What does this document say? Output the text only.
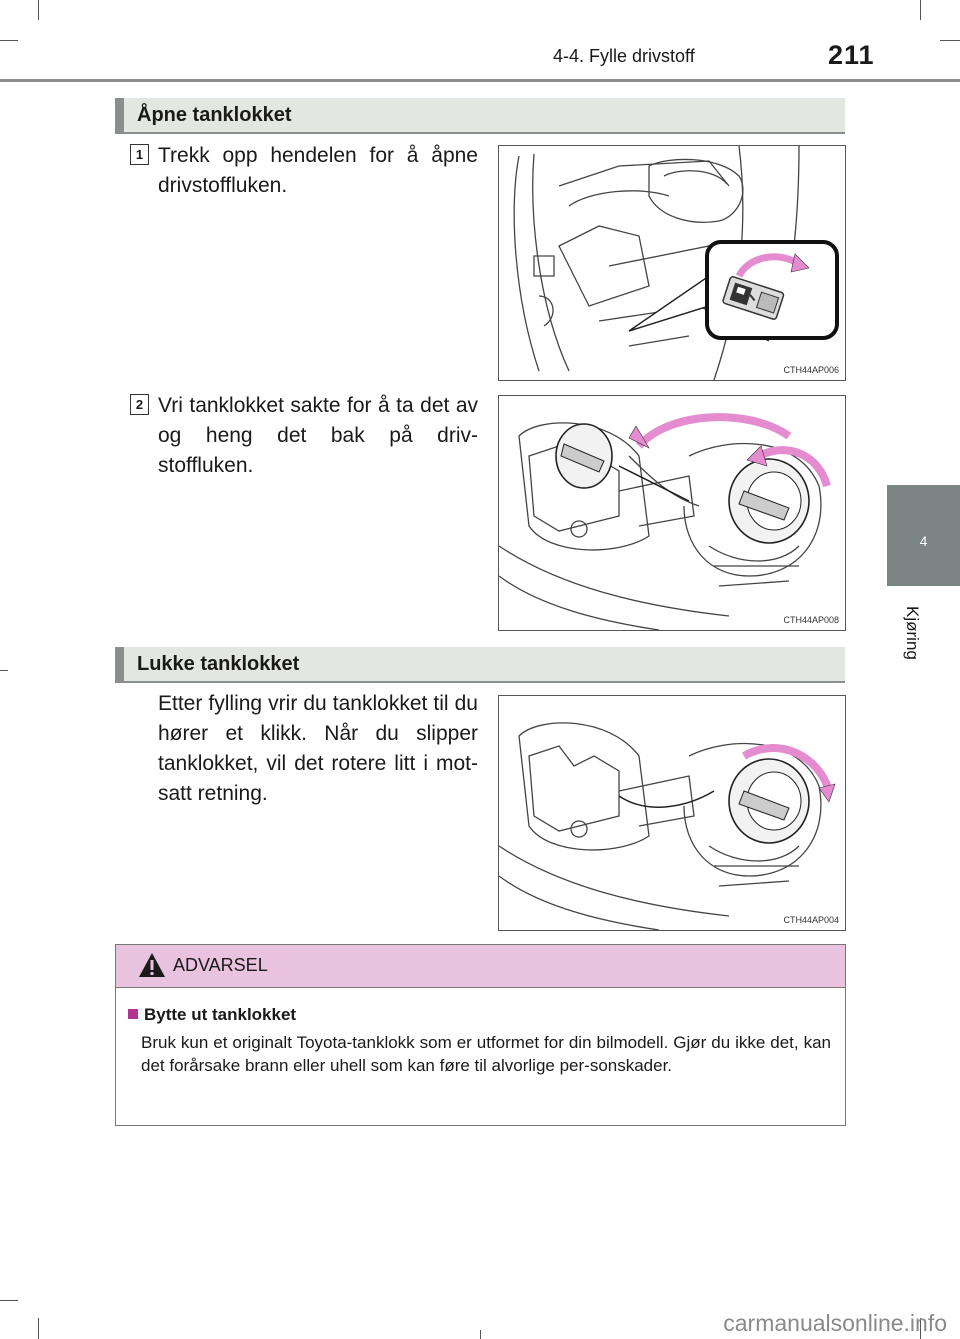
4-4. Fylle drivstoff	211
4
Kjøring
Åpne tanklokket
1 Trekk opp hendelen for å åpne drivstoffluken.
CTH44AP006
2 Vri tanklokket sakte for å ta det av og heng det bak på driv-stoffluken.
CTH44AP008
Lukke tanklokket
Etter fylling vrir du tanklokket til du hører et klikk. Når du slipper tanklokket, vil det rotere litt i mot-satt retning.
CTH44AP004
ADVARSEL
Bytte ut tanklokket
Bruk kun et originalt Toyota-tanklokk som er utformet for din bilmodell. Gjør du ikke det, kan det forårsake brann eller uhell som kan føre til alvorlige per-sonskader.
carmanualsonline.info
